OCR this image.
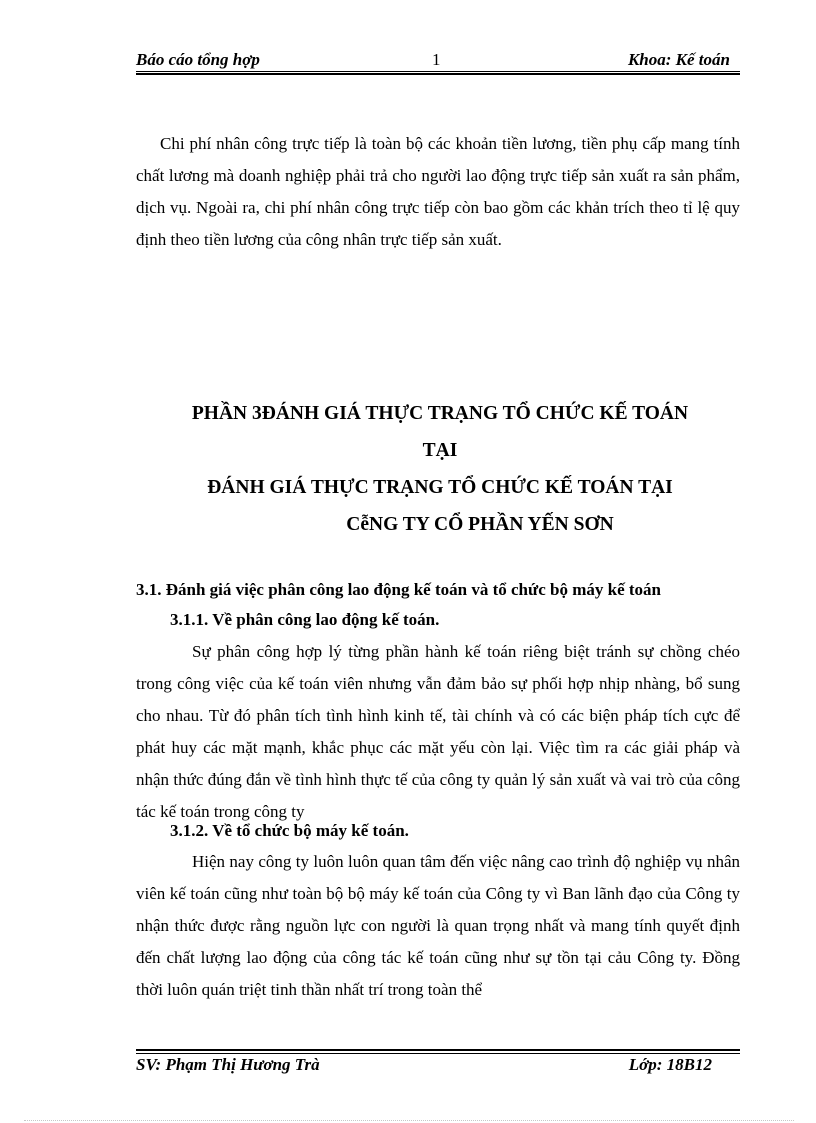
Báo cáo tổng hợp	1	Khoa: Kế toán

Chi phí nhân công trực tiếp là toàn bộ các khoản tiền lương, tiền phụ cấp mang tính chất lương mà doanh nghiệp phải trả cho người lao động trực tiếp sản xuất ra sản phẩm, dịch vụ. Ngoài ra, chi phí nhân công trực tiếp còn bao gồm các khản trích theo tỉ lệ quy định theo tiền lương của công nhân trực tiếp sản xuất.

PHẦN 3ĐÁNH GIÁ THỰC TRẠNG TỔ CHỨC KẾ TOÁN
TẠI
ĐÁNH GIÁ THỰC TRẠNG TỔ CHỨC KẾ TOÁN TẠI
CễNG TY CỔ PHẦN YẾN SƠN
3.1. Đánh giá việc phân công lao động kế toán và tổ chức bộ máy kế toán
3.1.1. Về phân công lao động kế toán.

Sự phân công hợp lý từng phần hành kế toán riêng biệt tránh sự chồng chéo trong công việc của kế toán viên nhưng vẫn đảm bảo sự phối hợp nhịp nhàng, bổ sung cho nhau. Từ đó phân tích tình hình kinh tế, tài chính và có các biện pháp tích cực để phát huy các mặt mạnh, khắc phục các mặt yếu còn lại. Việc tìm ra các giải pháp và nhận thức đúng đắn về tình hình thực tế của công ty quản lý sản xuất và vai trò của công tác kế toán trong công ty

3.1.2. Về tổ chức bộ máy kế toán.

Hiện nay công ty luôn luôn quan tâm đến việc nâng cao trình độ nghiệp vụ nhân viên kế toán cũng như toàn bộ bộ máy kế toán của Công ty vì Ban lãnh đạo của Công ty nhận thức được rằng nguồn lực con người là quan trọng nhất và mang tính quyết định đến chất lượng lao động của công tác kế toán cũng như sự tồn tại cảu Công ty. Đồng thời luôn quán triệt tinh thần nhất trí trong toàn thể

SV: Phạm Thị Hương Trà	Lớp: 18B12
